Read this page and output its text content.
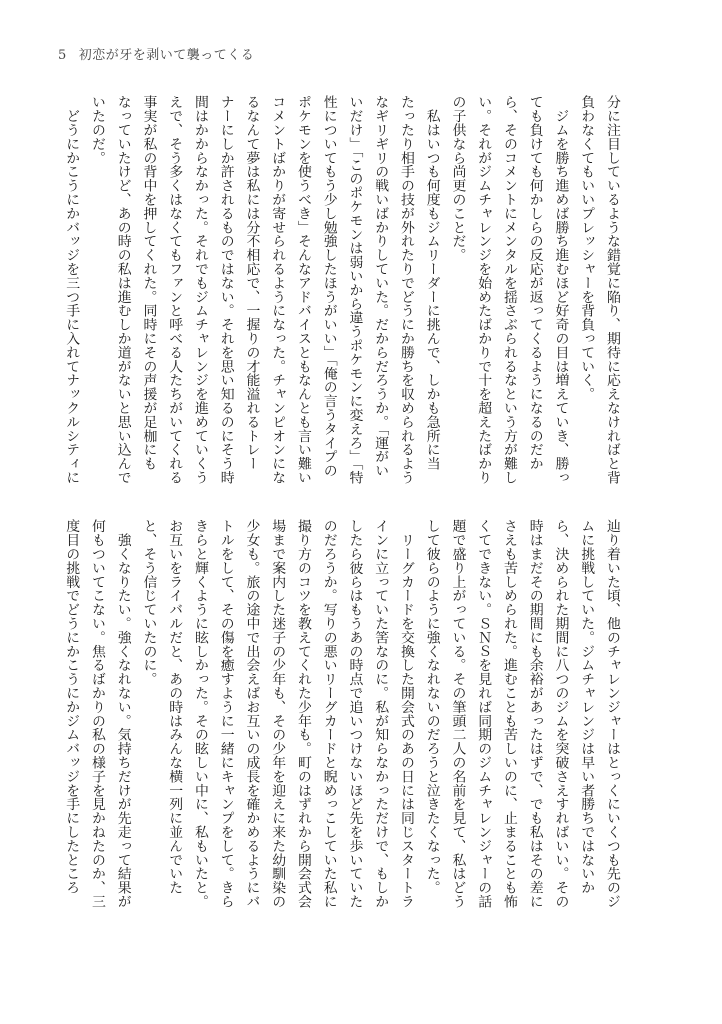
5 初恋が牙を剥いて襲ってくる
分に注目しているような錯覚に陥り、期待に応えなければと背
負わなくてもいいプレッシャーを背負っていく。
　ジムを勝ち進めば勝ち進むほど好奇の目は増えていき、勝っ
ても負けても何かしらの反応が返ってくるようになるのだか
ら、そのコメントにメンタルを揺さぶられるなという方が難し
い。それがジムチャレンジを始めたばかりで十を超えたばかり
の子供なら尚更のことだ。
　私はいつも何度もジムリーダーに挑んで、しかも急所に当
たったり相手の技が外れたりでどうにか勝ちを収められるよう
なギリギリの戦いばかりしていた。だからだろうか。「運がい
いだけ」「このポケモンは弱いから違うポケモンに変えろ」「特
性についてもう少し勉強したほうがいい」「俺の言うタイプの
ポケモンを使うべき」そんなアドバイスともなんとも言い難い
コメントばかりが寄せられるようになった。チャンピオンにな
るなんて夢は私には分不相応で、一握りの才能溢れるトレー
ナーにしか許されるものではない。それを思い知るのにそう時
間はかからなかった。それでもジムチャレンジを進めていくう
えで、そう多くはなくてもファンと呼べる人たちがいてくれる
事実が私の背中を押してくれた。同時にその声援が足枷にも
なっていたけど、あの時の私は進むしか道がないと思い込んで
いたのだ。
　どうにかこうにかバッジを三つ手に入れてナックルシティに
辿り着いた頃、他のチャレンジャーはとっくにいくつも先のジ
ムに挑戦していた。ジムチャレンジは早い者勝ちではないか
ら、決められた期間に八つのジムを突破さえすればいい。その
時はまだその期間にも余裕があったはずで、でも私はその差に
さえも苦しめられた。進むことも苦しいのに、止まることも怖
くてできない。ＳＮＳを見れば同期のジムチャレンジャーの話
題で盛り上がっている。その筆頭二人の名前を見て、私はどう
して彼らのように強くなれないのだろうと泣きたくなった。
　リーグカードを交換した開会式のあの日には同じスタートラ
インに立っていた筈なのに。私が知らなかっただけで、もしか
したら彼らはもうあの時点で追いつけないほど先を歩いていた
のだろうか。写りの悪いリーグカードと睨めっこしていた私に
撮り方のコツを教えてくれた少年も。町のはずれから開会式会
場まで案内した迷子の少年も、その少年を迎えに来た幼馴染の
少女も。旅の途中で出会えばお互いの成長を確かめるようにバ
トルをして、その傷を癒すように一緒にキャンプをして。きら
きらと輝くように眩しかった。その眩しい中に、私もいたと。
お互いをライバルだと、あの時はみんな横一列に並んでいた
と、そう信じていたのに。
　強くなりたい。強くなれない。気持ちだけが先走って結果が
何もついてこない。焦るばかりの私の様子を見かねたのか、三
度目の挑戦でどうにかこうにかジムバッジを手にしたところ
